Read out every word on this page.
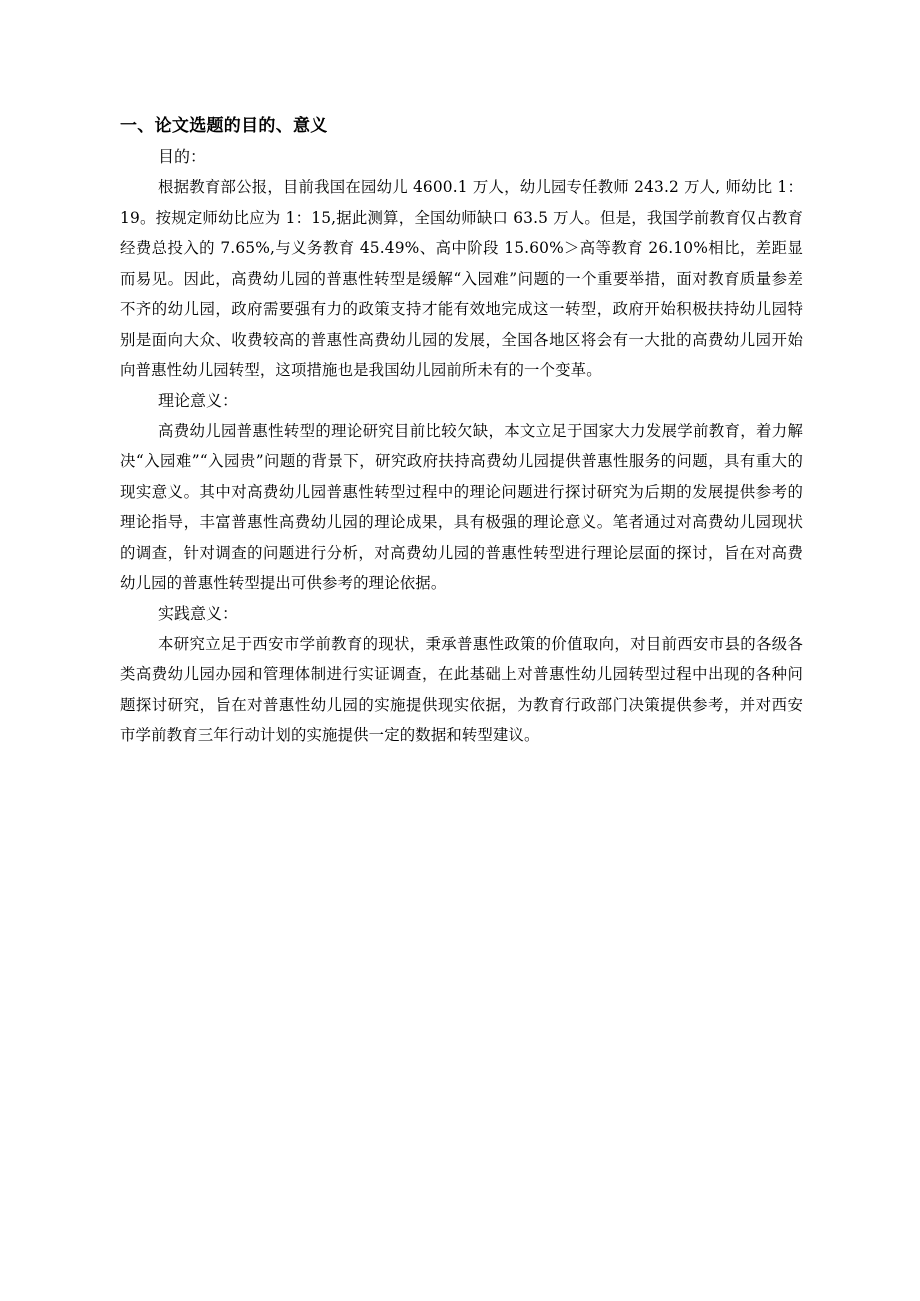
一、论文选题的目的、意义
目的：

根据教育部公报，目前我国在园幼儿 4600.1 万人，幼儿园专任教师 243.2 万人, 师幼比 1：19。按规定师幼比应为 1：15,据此测算，全国幼师缺口 63.5 万人。但是，我国学前教育仅占教育经费总投入的 7.65%,与义务教育 45.49%、高中阶段 15.60%＞高等教育 26.10%相比，差距显而易见。因此，高费幼儿园的普惠性转型是缓解“入园难”问题的一个重要举措，面对教育质量参差不齐的幼儿园，政府需要强有力的政策支持才能有效地完成这一转型，政府开始积极扶持幼儿园特别是面向大众、收费较高的普惠性高费幼儿园的发展，全国各地区将会有一大批的高费幼儿园开始向普惠性幼儿园转型，这项措施也是我国幼儿园前所未有的一个变革。

理论意义：

高费幼儿园普惠性转型的理论研究目前比较欠缺，本文立足于国家大力发展学前教育，着力解决“入园难”“入园贵”问题的背景下，研究政府扶持高费幼儿园提供普惠性服务的问题，具有重大的现实意义。其中对高费幼儿园普惠性转型过程中的理论问题进行探讨研究为后期的发展提供参考的理论指导，丰富普惠性高费幼儿园的理论成果，具有极强的理论意义。笔者通过对高费幼儿园现状的调查，针对调查的问题进行分析，对高费幼儿园的普惠性转型进行理论层面的探讨，旨在对高费幼儿园的普惠性转型提出可供参考的理论依据。

实践意义：

本研究立足于西安市学前教育的现状，秉承普惠性政策的价值取向，对目前西安市县的各级各类高费幼儿园办园和管理体制进行实证调查，在此基础上对普惠性幼儿园转型过程中出现的各种问题探讨研究，旨在对普惠性幼儿园的实施提供现实依据，为教育行政部门决策提供参考，并对西安市学前教育三年行动计划的实施提供一定的数据和转型建议。
